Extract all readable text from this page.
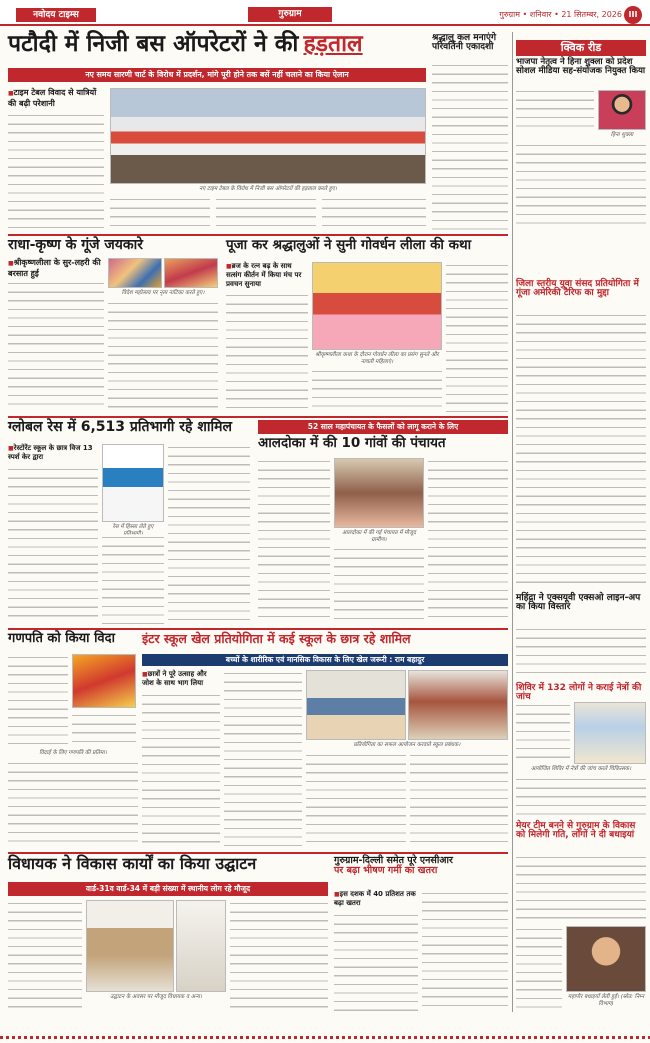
नवोदय टाइम्स	गुरुग्राम	गुरुग्राम • शनिवार • 21 सितम्बर, 2026 III
पटौदी में निजी बस ऑपरेटरों ने की हड़ताल
नए समय सारणी चार्ट के विरोध में प्रदर्शन, मांगे पूरी होने तक बसें नहीं चलाने का किया ऐलान
■ टाइम टेबल विवाद से यात्रियों की बढ़ी परेशानी
नए टाइम टेबल के विरोध में निजी बस ऑपरेटरों की हड़ताल करते हुए।
श्रद्धालु कल मनाएंगे
परिवर्तिनी एकादशी	क्विक रीड
भाजपा नेतृत्व ने हिना शुक्ला को प्रदेश सोशल मीडिया सह-संयोजक नियुक्त किया
हिना शुक्ला
जिला स्तरीय युवा संसद प्रतियोगिता में गूंजा अमेरिकी टैरिफ का मुद्दा
महिंद्रा ने एक्सयूवी एक्सओ लाइन-अप का किया विस्तार
शिविर में 132 लोगों ने कराई नेत्रों की जांच
आयोजित शिविर में नेत्रों की जांच करते चिकित्सक।
मेयर टीम बनने से गुरुग्राम के विकास को मिलेगी गति, लोगों ने दी बधाइयां
महापौर बधाइयाँ लेती हुईं। (स्रोत: निम्न विभाग)
राधा-कृष्ण के गूंजे जयकारे
■ श्रीकृष्णलीला के सुर-लहरी की बरसात हुई
विदेश महोत्सव पर नृत्य नाटिका करते हुए।
पूजा कर श्रद्धालुओं ने सुनी गोवर्धन लीला की कथा
■ ब्रज के रत्न बढ़ के साथ सत्संग कीर्तन में किया मंच पर प्रवचन सुनाया
श्रीकृष्णलीला कथा के दौरान गोवर्धन लीला का प्रसंग सुनते और नाचती महिलाएं।
ग्लोबल रेस में 6,513 प्रतिभागी रहे शामिल
■ रेस्टोरेंट स्कूल के छात्र विज 13 स्पर्श केर द्वारा
रेस में हिस्सा लेते हुए
52 साल महापंचायत के फैसलों को लागू कराने के लिए
आलदोका में की 10 गांवों की पंचायत
आलदोका में की गई पंचायत में मौजूद ग्रामीण।
गणपति को किया विदा
विदाई के लिए गणपति की प्रतिमा।
इंटर स्कूल खेल प्रतियोगिता में कई स्कूल के छात्र रहे शामिल
बच्चों के शारीरिक एवं मानसिक विकास के लिए खेल जरूरी : राम बहादुर
■ छात्रों ने पूरे उत्साह और जोश के साथ भाग लिया
प्रतियोगिता का सफल आयोजन करवाते स्कूल प्रबंधक।
विधायक ने विकास कार्यों का किया उद्घाटन
वार्ड-31व वार्ड-34 में बड़ी संख्या में स्थानीय लोग रहे मौजूद
उद्घाटन के अवसर पर मौजूद विधायक व अन्य।
गुरुग्राम-दिल्ली समेत पूरे एनसीआर
पर बढ़ा भीषण गर्मी का खतरा
■ इस दशक में 40 प्रतिशत तक बढ़ा खतरा
